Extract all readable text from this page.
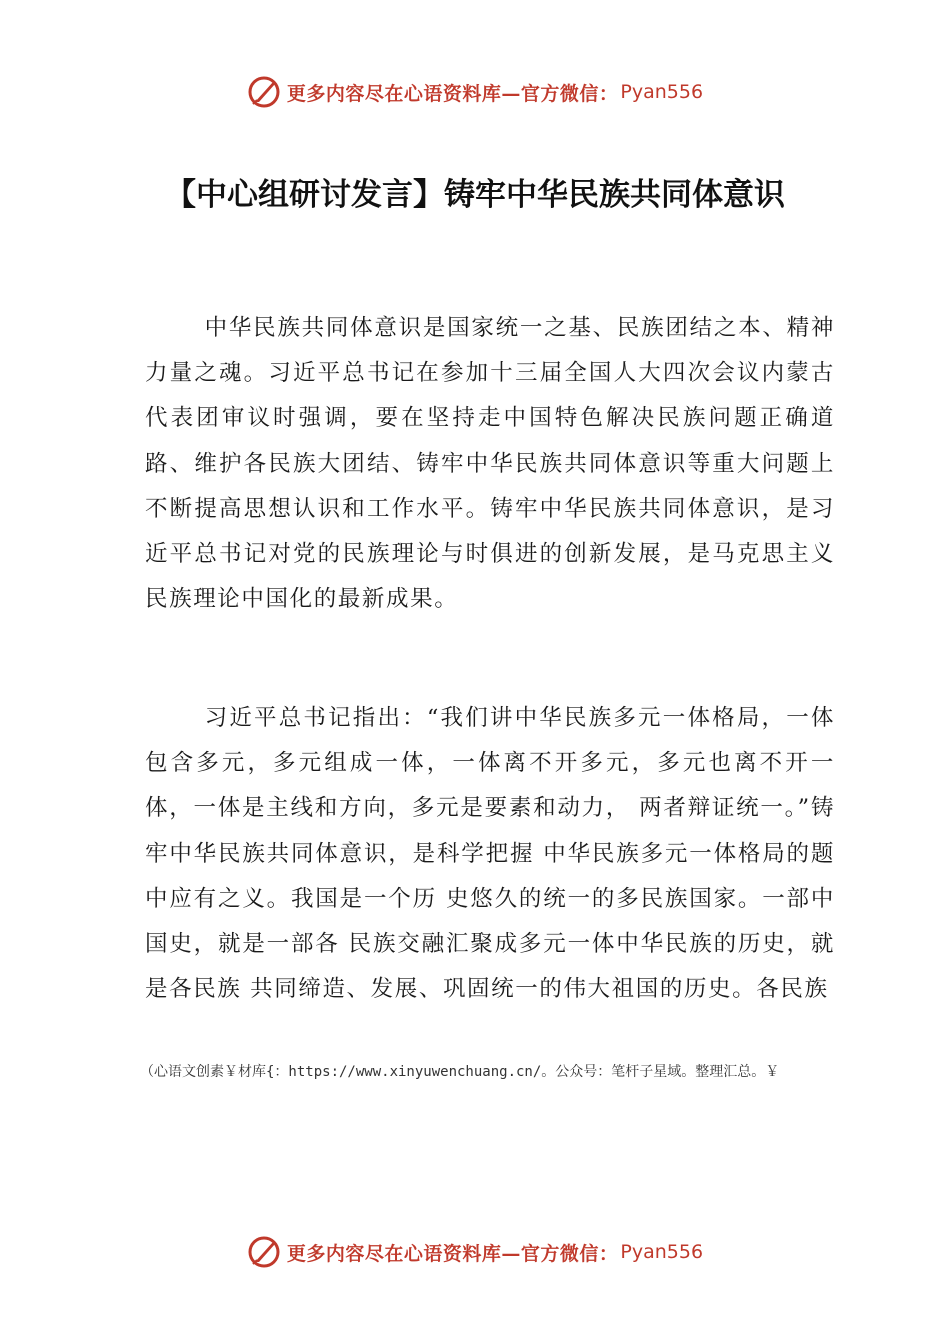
更多内容尽在心语资料库—官方微信： Pyan556
【中心组研讨发言】铸牢中华民族共同体意识

中华民族共同体意识是国家统一之基、民族团结之本、精神力量之魂。习近平总书记在参加十三届全国人大四次会议内蒙古代表团审议时强调，要在坚持走中国特色解决民族问题正确道路、维护各民族大团结、铸牢中华民族共同体意识等重大问题上不断提高思想认识和工作水平。铸牢中华民族共同体意识，是习近平总书记对党的民族理论与时俱进的创新发展，是马克思主义民族理论中国化的最新成果。

习近平总书记指出：“我们讲中华民族多元一体格局，一体包含多元，多元组成一体，一体离不开多元，多元也离不开一体，一体是主线和方向，多元是要素和动力， 两者辩证统一。”铸牢中华民族共同体意识，是科学把握 中华民族多元一体格局的题中应有之义。我国是一个历 史悠久的统一的多民族国家。一部中国史，就是一部各 民族交融汇聚成多元一体中华民族的历史，就是各民族 共同缔造、发展、巩固统一的伟大祖国的历史。各民族

（心语文创素￥材库{：https://www.xinyuwenchuang.cn/。公众号：笔杆子星域。整理汇总。￥
更多内容尽在心语资料库—官方微信： Pyan556
